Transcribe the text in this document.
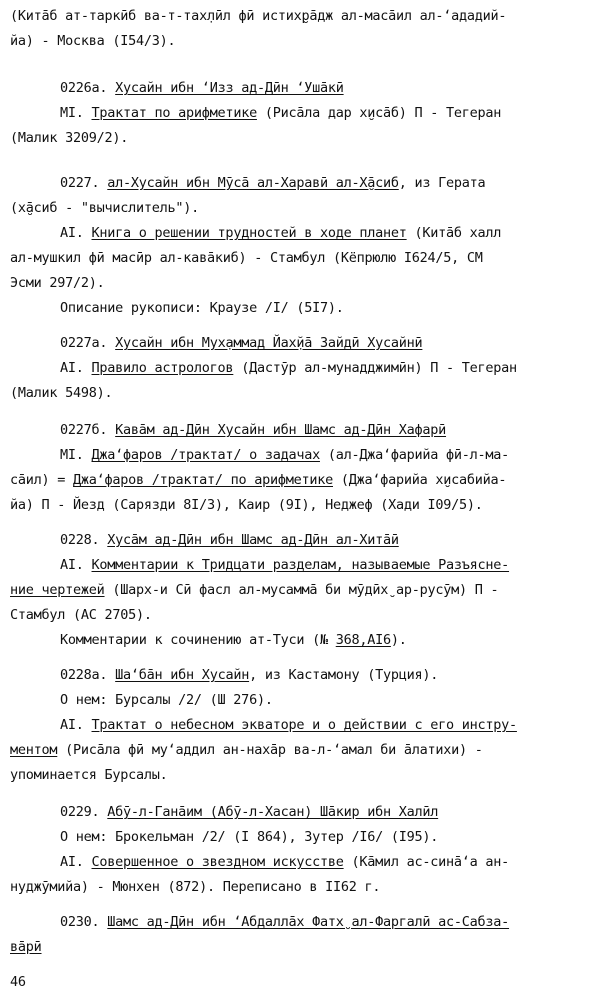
(Кита̄б ат-таркӣб ва-т-тах̣лӣл фӣ истих̮ра̄дж ал-маса̄ил ал-ʻададий-
йа) - Москва (I54/3).
0226а. Хусайн ибн ʻИзз ад-Дӣн ʻУша̄кӣ
MI. Трактат по арифметике (Риса̄ла дар х̮иса̄б) П - Тегеран
(Малик 3209/2).
0227. ал-Хусайн ибн Мӯса̄ ал-Харавӣ ал-Х̮а̄сиб, из Герата
(х̮а̄сиб - "вычислитель").
AI. Книга о решении трудностей в ходе планет (Кита̄б халл
ал-мушкил фӣ масӣр ал-кава̄киб) - Стамбул (Кёпрюлю I624/5, СМ
Эсми 297/2).
Описание рукописи: Краузе /I/ (5I7).
0227а. Хусайн ибн Мух̣аммад Йах̣йа̄ Зайдӣ Хусайнӣ
AI. Правило астрологов (Дастӯр ал-мунадджимӣн) П - Тегеран
(Малик 5498).
0227б. Кава̄м ад-Дӣн Хусайн ибн Шамс ад-Дӣн Хафарӣ
MI. Джаʻфаров /трактат/ о задачах (ал-Джаʻфарийа фӣ-л-ма-
са̄ил) = Джаʻфаров /трактат/ по арифметике (Джаʻфарийа х̮исабийа-
йа) П - Йезд (Сарязди 8I/3), Каир (9I), Неджеф (Хади I09/5).
0228. Хуса̄м ад-Дӣн ибн Шамс ад-Дӣн ал-Хита̄ӣ
AI. Комментарии к Тридцати разделам, называемые Разъясне-
ние чертежей (Шарх-и Сӣ фасл ал-мусаммā би мӯдӣх̮ ар-русӯм) П -
Стамбул (АС 2705).
Комментарии к сочинению ат-Туси (№ 368,AI6).
0228а. Шаʻба̄н ибн Хусайн, из Кастамону (Турция).
О нем: Бурсалы /2/ (Ш 276).
AI. Трактат о небесном экваторе и о действии с его инстру-
ментом (Риса̄ла фӣ муʻаддил ан-нахāр ва-л-ʻамал би а̄латихи) -
упоминается Бурсалы.
0229. Абӯ-л-Гана̄им (Абӯ-л-Хасан) Ша̄кир ибн Халӣл
О нем: Брокельман /2/ (I 864), Зутер /I6/ (I95).
AI. Совершенное о звездном искусстве (Ка̄мил ас-сина̄ʻа ан-
нуджӯмийа) - Мюнхен (872). Переписано в II62 г.
0230. Шамс ад-Дӣн ибн ʻАбдалла̄х Фатх̮ ал-Фаргалӣ ас-Сабза-
ва̄рӣ
46
